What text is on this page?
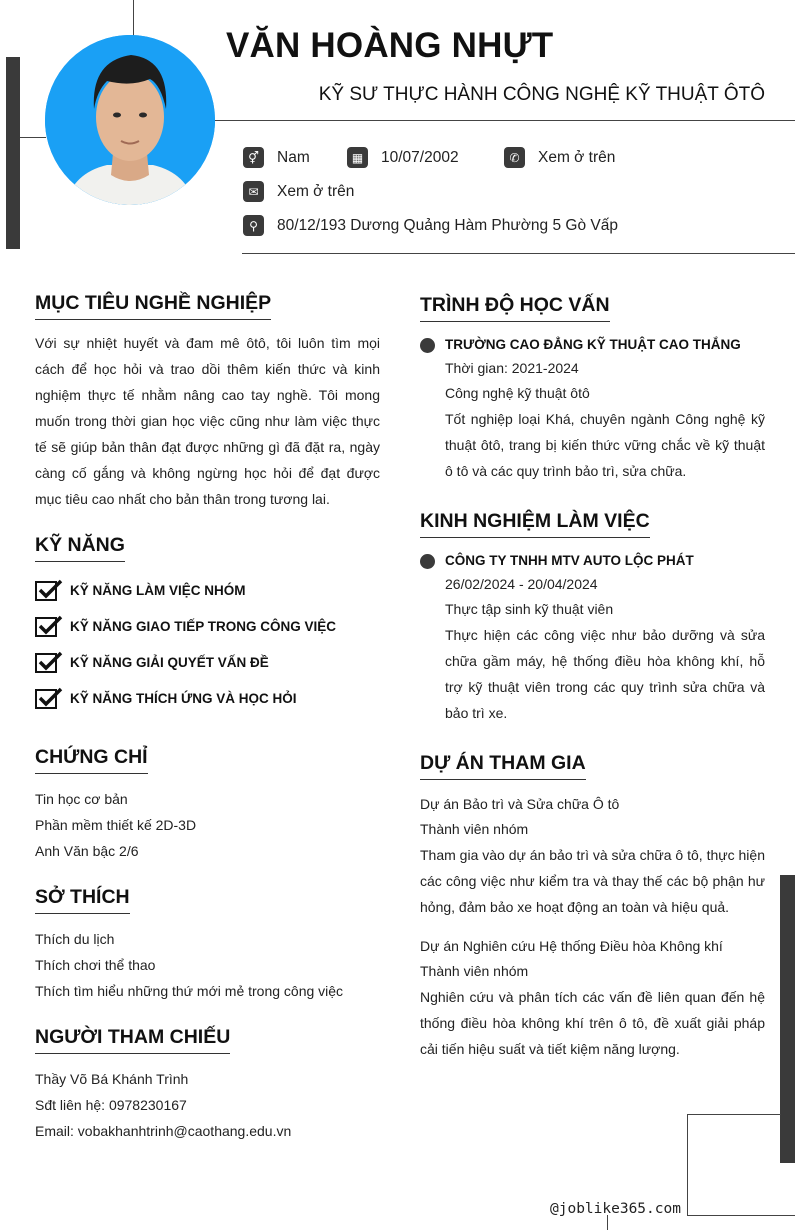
VĂN HOÀNG NHỰT
KỸ SƯ THỰC HÀNH CÔNG NGHỆ KỸ THUẬT ÔTÔ
⚥	Nam	▦	10/07/2002	✆	Xem ở trên
✉	Xem ở trên
⚲	80/12/193 Dương Quảng Hàm Phường 5 Gò Vấp
MỤC TIÊU NGHỀ NGHIỆP

Với sự nhiệt huyết và đam mê ôtô, tôi luôn tìm mọi cách để học hỏi và trao dồi thêm kiến thức và kinh nghiệm thực tế nhằm nâng cao tay nghề. Tôi mong muốn trong thời gian học việc cũng như làm việc thực tế sẽ giúp bản thân đạt được những gì đã đặt ra, ngày càng cố gắng và không ngừng học hỏi để đạt được mục tiêu cao nhất cho bản thân trong tương lai.

KỸ NĂNG
KỸ NĂNG LÀM VIỆC NHÓM
KỸ NĂNG GIAO TIẾP TRONG CÔNG VIỆC
KỸ NĂNG GIẢI QUYẾT VẤN ĐỀ
KỸ NĂNG THÍCH ỨNG VÀ HỌC HỎI
CHỨNG CHỈ
Tin học cơ bản
Phần mềm thiết kế 2D-3D
Anh Văn bậc 2/6
SỞ THÍCH
Thích du lịch
Thích chơi thể thao
Thích tìm hiểu những thứ mới mẻ trong công việc
NGƯỜI THAM CHIẾU
Thầy Võ Bá Khánh Trình
Sđt liên hệ: 0978230167
Email: vobakhanhtrinh@caothang.edu.vn
TRÌNH ĐỘ HỌC VẤN
TRƯỜNG CAO ĐẲNG KỸ THUẬT CAO THẮNG
Thời gian: 2021-2024
Công nghệ kỹ thuật ôtô

Tốt nghiệp loại Khá, chuyên ngành Công nghệ kỹ thuật ôtô, trang bị kiến thức vững chắc về kỹ thuật ô tô và các quy trình bảo trì, sửa chữa.

KINH NGHIỆM LÀM VIỆC
CÔNG TY TNHH MTV AUTO LỘC PHÁT
26/02/2024 - 20/04/2024
Thực tập sinh kỹ thuật viên

Thực hiện các công việc như bảo dưỡng và sửa chữa gầm máy, hệ thống điều hòa không khí, hỗ trợ kỹ thuật viên trong các quy trình sửa chữa và bảo trì xe.

DỰ ÁN THAM GIA
Dự án Bảo trì và Sửa chữa Ô tô
Thành viên nhóm

Tham gia vào dự án bảo trì và sửa chữa ô tô, thực hiện các công việc như kiểm tra và thay thế các bộ phận hư hỏng, đảm bảo xe hoạt động an toàn và hiệu quả.

Dự án Nghiên cứu Hệ thống Điều hòa Không khí
Thành viên nhóm

Nghiên cứu và phân tích các vấn đề liên quan đến hệ thống điều hòa không khí trên ô tô, đề xuất giải pháp cải tiến hiệu suất và tiết kiệm năng lượng.

@joblike365.com
